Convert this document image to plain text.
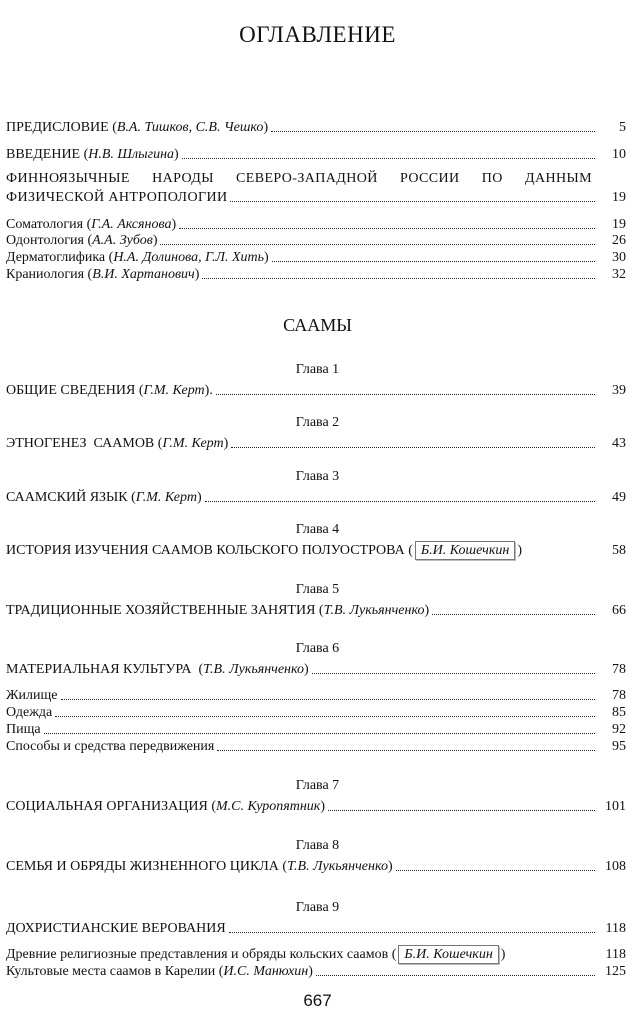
ОГЛАВЛЕНИЕ
ПРЕДИСЛОВИЕ (В.А. Тишков, С.В. Чешко)	5
ВВЕДЕНИЕ (Н.В. Шлыгина)	10
ФИННОЯЗЫЧНЫЕ НАРОДЫ СЕВЕРО-ЗАПАДНОЙ РОССИИ ПО ДАННЫМ
ФИЗИЧЕСКОЙ АНТРОПОЛОГИИ	19
Соматология (Г.А. Аксянова)	19
Одонтология (А.А. Зубов)	26
Дерматоглифика (Н.А. Долинова, Г.Л. Хить)	30
Краниология (В.И. Хартанович)	32
СААМЫ
Глава 1
ОБЩИЕ СВЕДЕНИЯ (Г.М. Керт).	39
Глава 2
ЭТНОГЕНЕЗ  СААМОВ (Г.М. Керт)	43
Глава 3
СААМСКИЙ ЯЗЫК (Г.М. Керт)	49
Глава 4
ИСТОРИЯ ИЗУЧЕНИЯ СААМОВ КОЛЬСКОГО ПОЛУОСТРОВА ( Б.И. Кошечкин )	58
Глава 5
ТРАДИЦИОННЫЕ ХОЗЯЙСТВЕННЫЕ ЗАНЯТИЯ (Т.В. Лукьянченко)	66
Глава 6
МАТЕРИАЛЬНАЯ КУЛЬТУРА  (Т.В. Лукьянченко)	78
Жилище	78
Одежда	85
Пища	92
Способы и средства передвижения	95
Глава 7
СОЦИАЛЬНАЯ ОРГАНИЗАЦИЯ (М.С. Куропятник)	101
Глава 8
СЕМЬЯ И ОБРЯДЫ ЖИЗНЕННОГО ЦИКЛА (Т.В. Лукьянченко)	108
Глава 9
ДОХРИСТИАНСКИЕ ВЕРОВАНИЯ	118
Древние религиозные представления и обряды кольских саамов ( Б.И. Кошечкин )	118
Культовые места саамов в Карелии (И.С. Манюхин)	125
667
